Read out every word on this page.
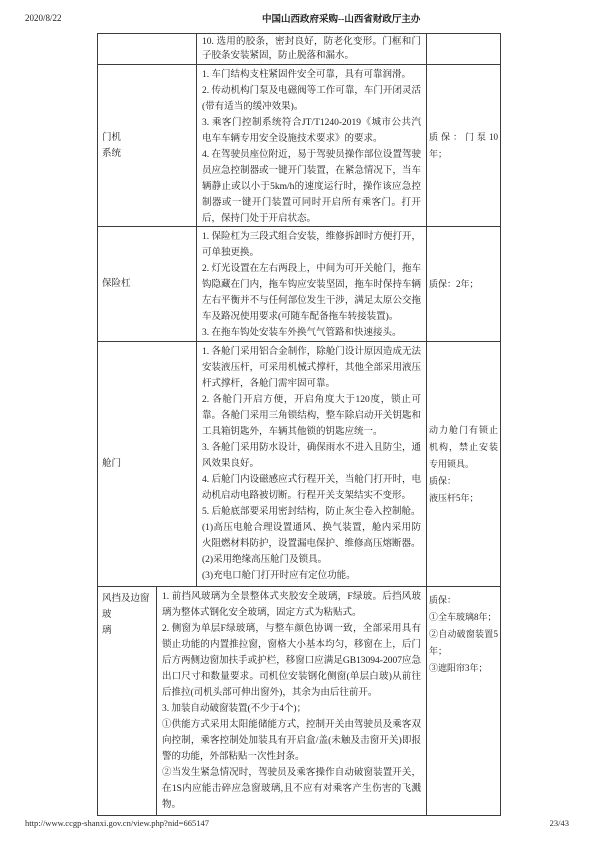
2020/8/22	中国山西政府采购--山西省财政厅主办

10. 选用的胶条，密封良好，防老化变形。门框和门子胶条安装紧固，防止脱落和漏水。

门机

系统

1. 车门结构支柱紧固件安全可靠，具有可靠润滑。

2. 传动机构门泵及电磁阀等工作可靠，车门开闭灵活(带有适当的缓冲效果)。

3. 乘客门控制系统符合JT/T1240-2019《城市公共汽电车车辆专用安全设施技术要求》的要求。

4. 在驾驶员座位附近，易于驾驶员操作部位设置驾驶员应急控制器或一键开门装置，在紧急情况下，当车辆静止或以小于5km/h的速度运行时，操作该应急控制器或一键开门装置可同时开启所有乘客门。打开后，保持门处于开启状态。

质保：门泵10年；

保险杠

1. 保险杠为三段式组合安装，维修拆卸时方便打开，可单独更换。

2. 灯光设置在左右两段上，中间为可开关舱门，拖车钩隐藏在门内，拖车钩应安装坚固，拖车时保持车辆左右平衡并不与任何部位发生干涉，满足太原公交拖车及路况使用要求(可随车配备拖车转接装置)。

3. 在拖车钩处安装车外换气气管路和快速接头。

质保：2年；

舱门

1. 各舱门采用铝合金制作，除舱门设计原因造成无法安装液压杆，可采用机械式撑杆，其他全部采用液压杆式撑杆，各舱门需牢固可靠。

2. 各舱门开启方便，开启角度大于120度，锁止可靠。各舱门采用三角锁结构，整车除启动开关钥匙和工具箱钥匙外，车辆其他锁的钥匙应统一。

3. 各舱门采用防水设计，确保雨水不进入且防尘，通风效果良好。

4. 后舱门内设磁感应式行程开关，当舱门打开时，电动机启动电路被切断。行程开关支架结实不变形。

5. 后舱底部要采用密封结构，防止灰尘卷入控制舱。

(1)高压电舱合理设置通风、换气装置，舱内采用防火阻燃材料防护，设置漏电保护、维修高压熔断器。

(2)采用绝缘高压舱门及锁具。

(3)充电口舱门打开时应有定位功能。

动力舱门有锁止机构，禁止安装专用锁具。

质保：

液压杆5年；

风挡及边窗玻

璃

1. 前挡风玻璃为全景整体式夹胶安全玻璃，F绿玻。后挡风玻璃为整体式钢化安全玻璃，固定方式为粘贴式。

2. 侧窗为单层F绿玻璃，与整车颜色协调一致，全部采用具有锁止功能的内置推拉窗，窗格大小基本均匀，移窗在上，后门后方两侧边窗加扶手或护栏，移窗口应满足GB13094-2007应急出口尺寸和数量要求。司机位安装钢化侧窗(单层白玻)从前往后推拉(司机头部可伸出窗外)，其余为由后往前开。

3. 加装自动破窗装置(不少于4个)；

①供能方式采用太阳能储能方式，控制开关由驾驶员及乘客双向控制，乘客控制处加装具有开启盒/盖(未触及击窗开关)即报警的功能，外部粘贴一次性封条。

②当发生紧急情况时，驾驶员及乘客操作自动破窗装置开关，在1S内应能击碎应急窗玻璃,且不应有对乘客产生伤害的飞溅物。

质保：

①全车玻璃8年；

②自动破窗装置5年；

③遮阳帘3年；

http://www.ccgp-shanxi.gov.cn/view.php?nid=665147	23/43
